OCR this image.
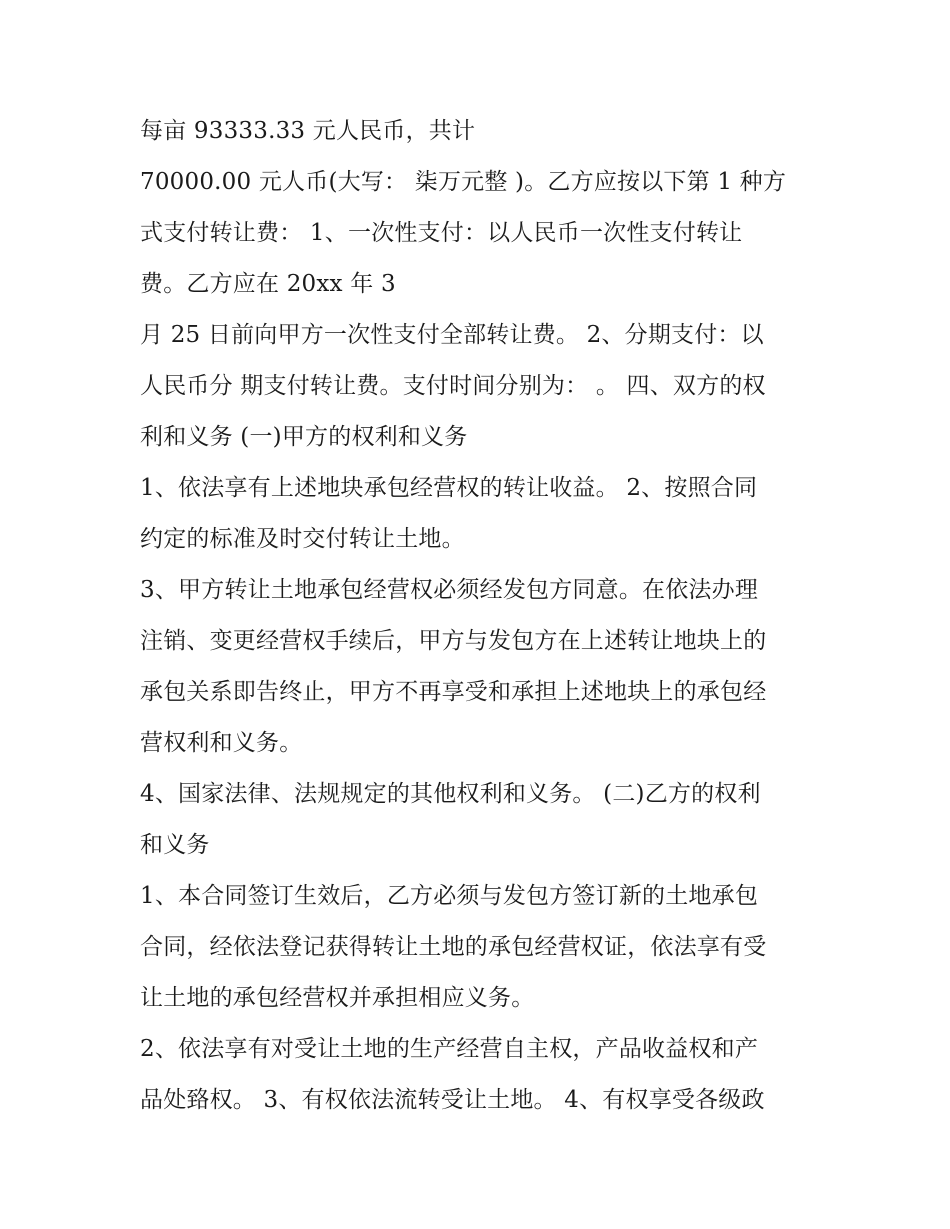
每亩 93333.33 元人民币，共计
70000.00 元人币(大写： 柒万元整 )。乙方应按以下第 1 种方
式支付转让费： 1、一次性支付：以人民币一次性支付转让
费。乙方应在 20xx 年 3
月 25 日前向甲方一次性支付全部转让费。 2、分期支付：以
人民币分 期支付转让费。支付时间分别为： 。 四、双方的权
利和义务 (一)甲方的权利和义务
1、依法享有上述地块承包经营权的转让收益。 2、按照合同
约定的标准及时交付转让土地。
3、甲方转让土地承包经营权必须经发包方同意。在依法办理
注销、变更经营权手续后，甲方与发包方在上述转让地块上的
承包关系即告终止，甲方不再享受和承担上述地块上的承包经
营权利和义务。
4、国家法律、法规规定的其他权利和义务。 (二)乙方的权利
和义务
1、本合同签订生效后，乙方必须与发包方签订新的土地承包
合同，经依法登记获得转让土地的承包经营权证，依法享有受
让土地的承包经营权并承担相应义务。
2、依法享有对受让土地的生产经营自主权，产品收益权和产
品处臵权。 3、有权依法流转受让土地。 4、有权享受各级政
